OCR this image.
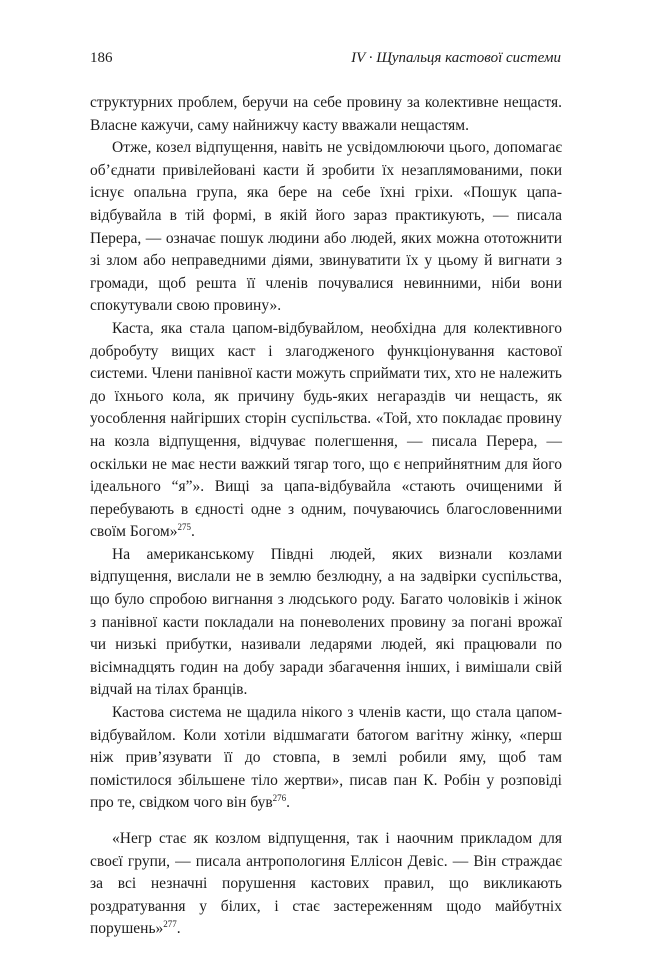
186	IV · Щупальця кастової системи

структурних проблем, беручи на себе провину за колективне нещастя. Власне кажучи, саму найнижчу касту вважали нещастям.

Отже, козел відпущення, навіть не усвідомлюючи цього, допомагає об’єднати привілейовані касти й зробити їх незаплямованими, поки існує опальна група, яка бере на себе їхні гріхи. «Пошук цапа-відбувайла в тій формі, в якій його зараз практикують, — писала Перера, — означає пошук людини або людей, яких можна ототожнити зі злом або неправедними діями, звинуватити їх у цьому й вигнати з громади, щоб решта її членів почувалися невинними, ніби вони спокутували свою провину».

Каста, яка стала цапом-відбувайлом, необхідна для колективного добробуту вищих каст і злагодженого функціонування кастової системи. Члени панівної касти можуть сприймати тих, хто не належить до їхнього кола, як причину будь-яких негараздів чи нещасть, як уособлення найгірших сторін суспільства. «Той, хто покладає провину на козла відпущення, відчуває полегшення, — писала Перера, — оскільки не має нести важкий тягар того, що є неприйнятним для його ідеального “я”». Вищі за цапа-відбувайла «стають очищеними й перебувають в єдності одне з одним, почуваючись благословенними своїм Богом»$^{275}$.

На американському Півдні людей, яких визнали козлами відпущення, вислали не в землю безлюдну, а на задвірки суспільства, що було спробою вигнання з людського роду. Багато чоловіків і жінок з панівної касти покладали на поневолених провину за погані врожаї чи низькі прибутки, називали ледарями людей, які працювали по вісімнадцять годин на добу заради збагачення інших, і вимішали свій відчай на тілах бранців.

Кастова система не щадила нікого з членів касти, що стала цапом-відбувайлом. Коли хотіли відшмагати батогом вагітну жінку, «перш ніж прив’язувати її до стовпа, в землі робили яму, щоб там помістилося збільшене тіло жертви», писав пан К. Робін у розповіді про те, свідком чого він був$^{276}$.

«Негр стає як козлом відпущення, так і наочним прикладом для своєї групи, — писала антропологиня Еллісон Девіс. — Він страждає за всі незначні порушення кастових правил, що викликають роздратування у білих, і стає застереженням щодо майбутніх порушень»$^{277}$.
